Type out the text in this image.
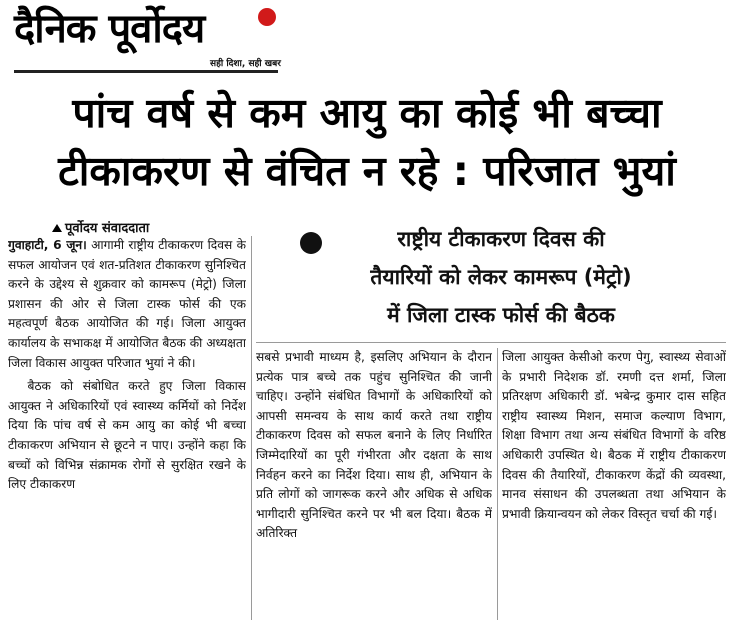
दैनिक पूर्वोदय
सही दिशा, सही खबर
पांच वर्ष से कम आयु का कोई भी बच्चा
टीकाकरण से वंचित न रहे : परिजात भुयां
पूर्वोदय संवाददाता	राष्ट्रीय टीकाकरण दिवस की
तैयारियों को लेकर कामरूप (मेट्रो)
में जिला टास्क फोर्स की बैठक

गुवाहाटी, 6 जून। आगामी राष्ट्रीय टीकाकरण दिवस के सफल आयोजन एवं शत-प्रतिशत टीकाकरण सुनिश्चित करने के उद्देश्य से शुक्रवार को कामरूप (मेट्रो) जिला प्रशासन की ओर से जिला टास्क फोर्स की एक महत्वपूर्ण बैठक आयोजित की गई। जिला आयुक्त कार्यालय के सभाकक्ष में आयोजित बैठक की अध्यक्षता जिला विकास आयुक्त परिजात भुयां ने की।

बैठक को संबोधित करते हुए जिला विकास आयुक्त ने अधिकारियों एवं स्वास्थ्य कर्मियों को निर्देश दिया कि पांच वर्ष से कम आयु का कोई भी बच्चा टीकाकरण अभियान से छूटने न पाए। उन्होंने कहा कि बच्चों को विभिन्न संक्रामक रोगों से सुरक्षित रखने के लिए टीकाकरण

सबसे प्रभावी माध्यम है, इसलिए अभियान के दौरान प्रत्येक पात्र बच्चे तक पहुंच सुनिश्चित की जानी चाहिए। उन्होंने संबंधित विभागों के अधिकारियों को आपसी समन्वय के साथ कार्य करते तथा राष्ट्रीय टीकाकरण दिवस को सफल बनाने के लिए निर्धारित जिम्मेदारियों का पूरी गंभीरता और दक्षता के साथ निर्वहन करने का निर्देश दिया। साथ ही, अभियान के प्रति लोगों को जागरूक करने और अधिक से अधिक भागीदारी सुनिश्चित करने पर भी बल दिया। बैठक में अतिरिक्त

जिला आयुक्त केसीओ करण पेगु, स्वास्थ्य सेवाओं के प्रभारी निदेशक डॉ. रमणी दत्त शर्मा, जिला प्रतिरक्षण अधिकारी डॉ. भबेन्द्र कुमार दास सहित राष्ट्रीय स्वास्थ्य मिशन, समाज कल्याण विभाग, शिक्षा विभाग तथा अन्य संबंधित विभागों के वरिष्ठ अधिकारी उपस्थित थे। बैठक में राष्ट्रीय टीकाकरण दिवस की तैयारियों, टीकाकरण केंद्रों की व्यवस्था, मानव संसाधन की उपलब्धता तथा अभियान के प्रभावी क्रियान्वयन को लेकर विस्तृत चर्चा की गई।
